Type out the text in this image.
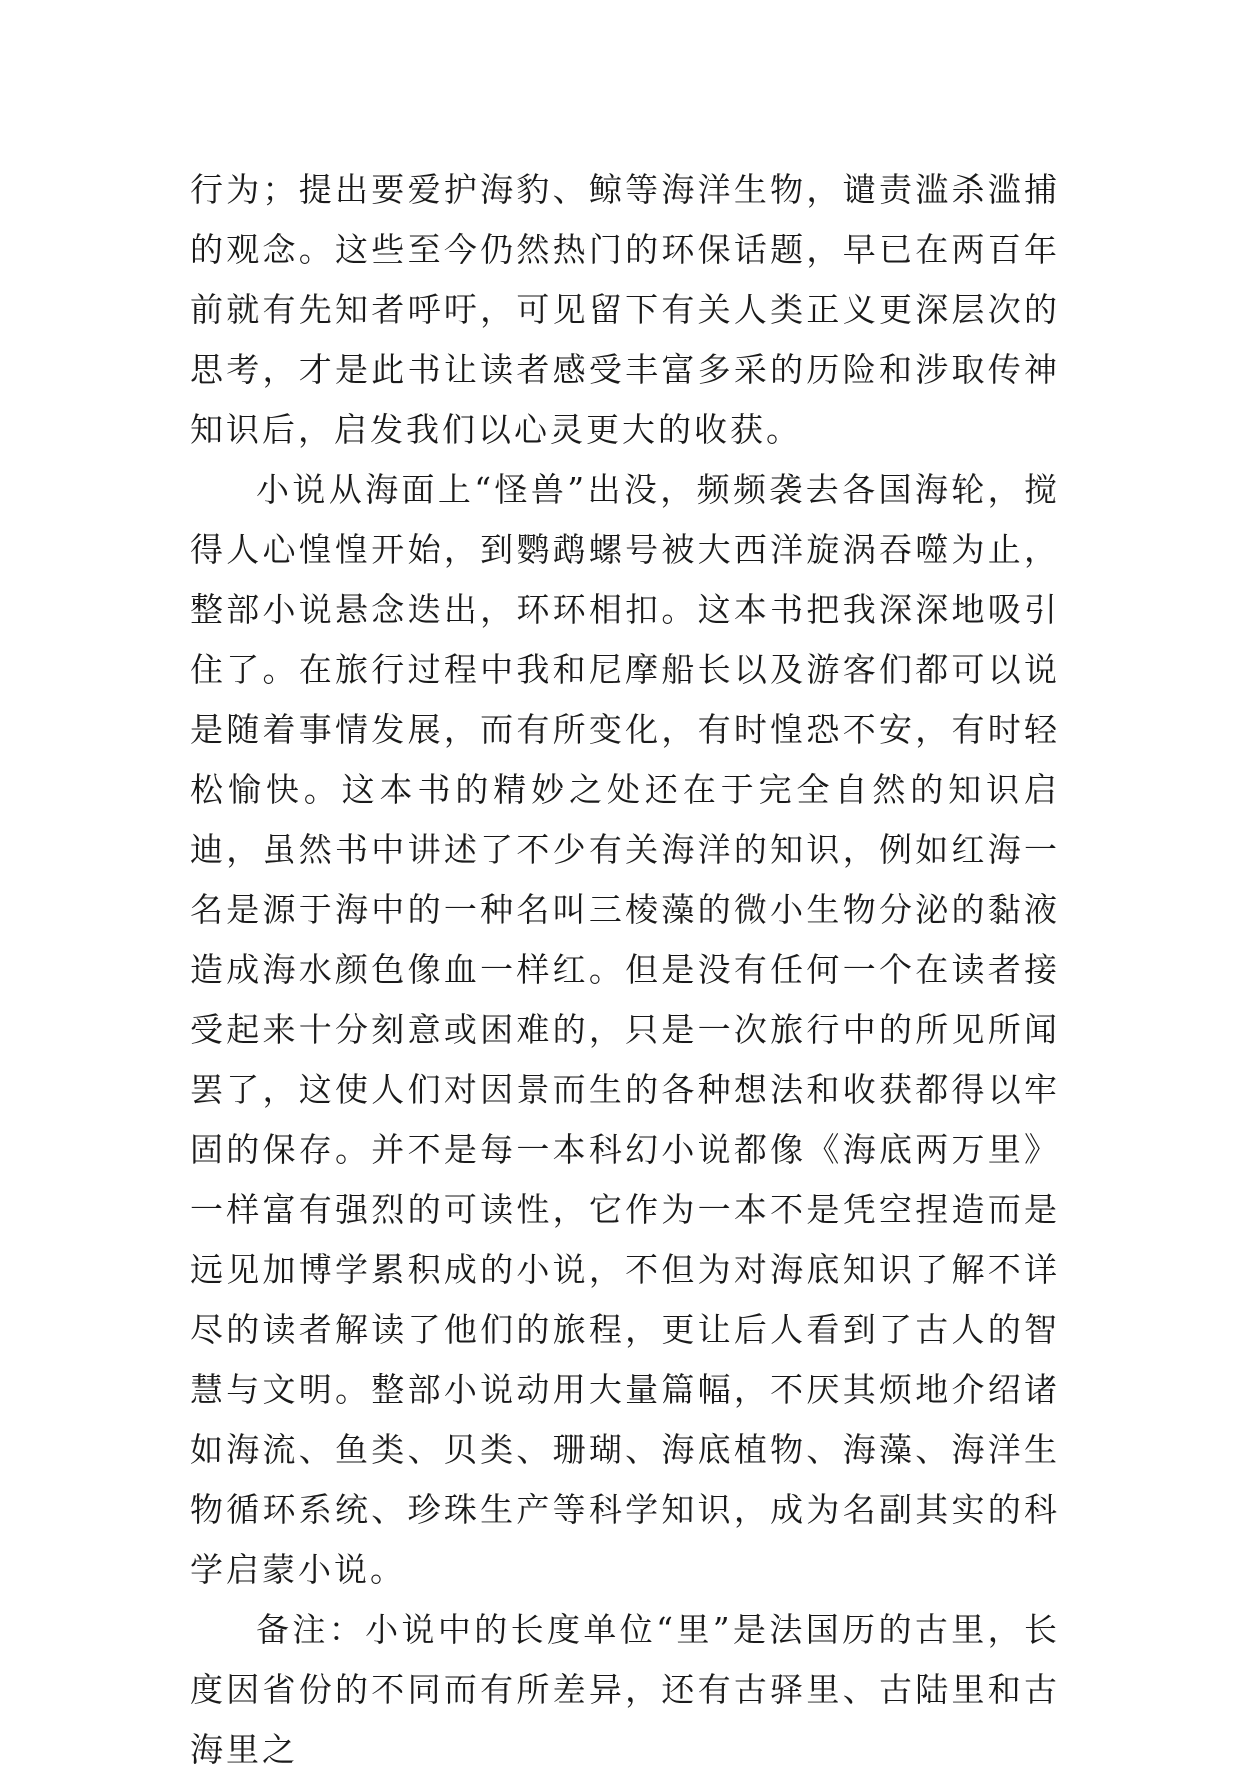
行为；提出要爱护海豹、鲸等海洋生物，谴责滥杀滥捕的观念。这些至今仍然热门的环保话题，早已在两百年前就有先知者呼吁，可见留下有关人类正义更深层次的思考，才是此书让读者感受丰富多采的历险和涉取传神知识后，启发我们以心灵更大的收获。

小说从海面上“怪兽”出没，频频袭去各国海轮，搅得人心惶惶开始，到鹦鹉螺号被大西洋旋涡吞噬为止，整部小说悬念迭出，环环相扣。这本书把我深深地吸引住了。在旅行过程中我和尼摩船长以及游客们都可以说是随着事情发展，而有所变化，有时惶恐不安，有时轻松愉快。这本书的精妙之处还在于完全自然的知识启迪，虽然书中讲述了不少有关海洋的知识，例如红海一名是源于海中的一种名叫三棱藻的微小生物分泌的黏液造成海水颜色像血一样红。但是没有任何一个在读者接受起来十分刻意或困难的，只是一次旅行中的所见所闻罢了，这使人们对因景而生的各种想法和收获都得以牢固的保存。并不是每一本科幻小说都像《海底两万里》一样富有强烈的可读性，它作为一本不是凭空捏造而是远见加博学累积成的小说，不但为对海底知识了解不详尽的读者解读了他们的旅程，更让后人看到了古人的智慧与文明。整部小说动用大量篇幅，不厌其烦地介绍诸如海流、鱼类、贝类、珊瑚、海底植物、海藻、海洋生物循环系统、珍珠生产等科学知识，成为名副其实的科学启蒙小说。

备注：小说中的长度单位“里”是法国历的古里，长度因省份的不同而有所差异，还有古驿里、古陆里和古海里之
